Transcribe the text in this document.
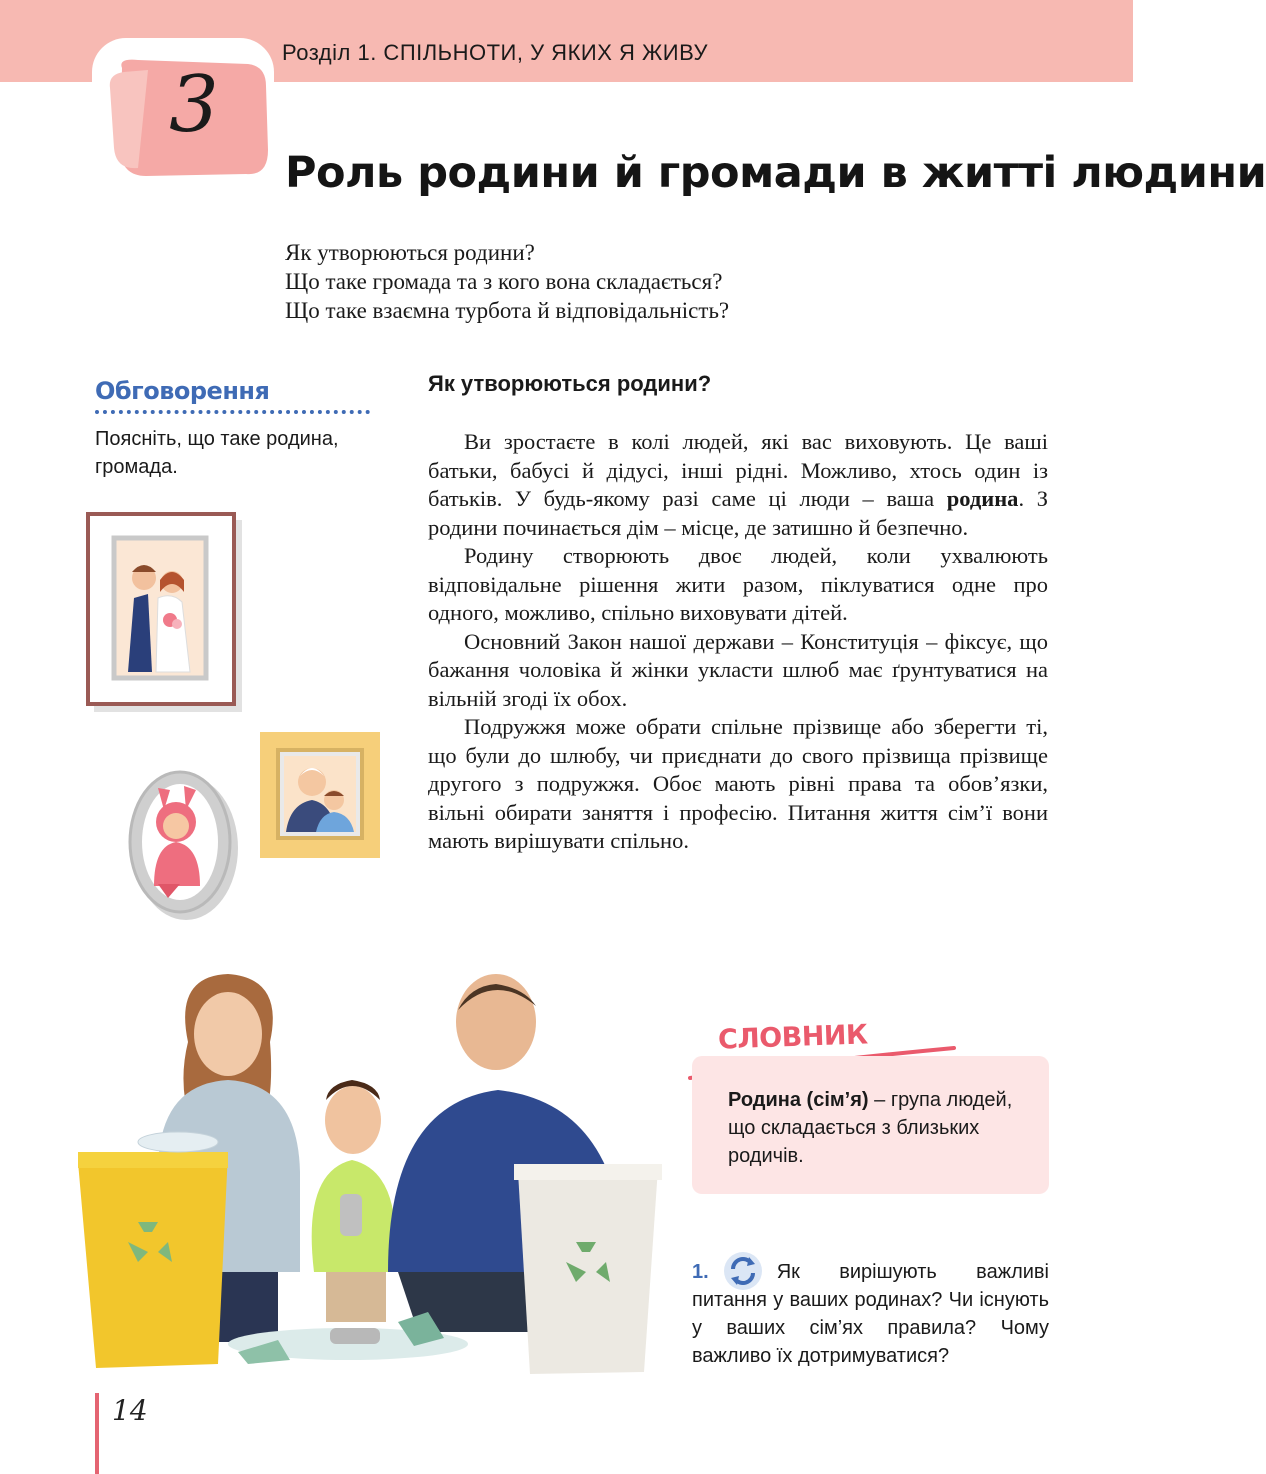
Розділ 1. СПІЛЬНОТИ, У ЯКИХ Я ЖИВУ
3
Роль родини й громади в житті людини
Як утворюються родини?
Що таке громада та з кого вона складається?
Що таке взаємна турбота й відповідальність?
Обговорення
Поясніть, що таке родина, громада.
Як утворюються родини?

Ви зростаєте в колі людей, які вас виховують. Це ваші батьки, бабусі й дідусі, інші рідні. Можливо, хтось один із батьків. У будь-якому разі саме ці люди – ваша родина. З родини починається дім – місце, де затишно й безпечно.

Родину створюють двоє людей, коли ухвалюють відповідальне рішення жити разом, піклуватися одне про одного, можливо, спільно виховувати дітей.

Основний Закон нашої держави – Конституція – фіксує, що бажання чоловіка й жінки укласти шлюб має ґрунтуватися на вільній згоді їх обох.

Подружжя може обрати спільне прізвище або зберегти ті, що були до шлюбу, чи приєднати до свого прізвища прізвище другого з подружжя. Обоє мають рівні права та обов’язки, вільні обирати заняття і професію. Питання життя сім’ї вони мають вирішувати спільно.

СЛОВНИК
Родина (сім’я) – група людей, що складається з близьких родичів.
1.	Як вирішують важливі питання у ваших родинах? Чи існують у ваших сім’ях правила? Чому важливо їх дотримуватися?
14
